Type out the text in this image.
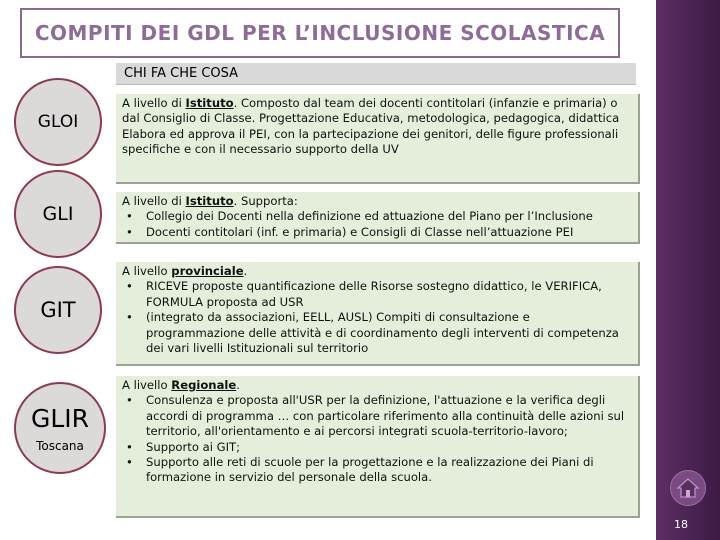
COMPITI DEI GDL PER L’INCLUSIONE SCOLASTICA
18
CHI FA CHE COSA
GLOI

A livello di Istituto. Composto dal team dei docenti contitolari (infanzie e primaria) o dal Consiglio di Classe. Progettazione Educativa, metodologica, pedagogica, didattica

Elabora ed approva il PEI, con la partecipazione dei genitori, delle figure professionali specifiche e con il necessario supporto della UV

GLI

A livello di Istituto. Supporta:

• Collegio dei Docenti nella definizione ed attuazione del Piano per l’Inclusione
• Docenti contitolari (inf. e primaria) e Consigli di Classe nell’attuazione PEI
GIT

A livello provinciale.

• RICEVE proposte quantificazione delle Risorse sostegno didattico, le VERIFICA, FORMULA proposta ad USR
• (integrato da associazioni, EELL, AUSL) Compiti di consultazione e programmazione delle attività e di coordinamento degli interventi di competenza dei vari livelli Istituzionali sul territorio
GLIR
Toscana

A livello Regionale.

• Consulenza e proposta all'USR per la definizione, l'attuazione e la verifica degli accordi di programma … con particolare riferimento alla continuità delle azioni sul territorio, all'orientamento e ai percorsi integrati scuola-territorio-lavoro;
• Supporto ai GIT;
• Supporto alle reti di scuole per la progettazione e la realizzazione dei Piani di formazione in servizio del personale della scuola.
